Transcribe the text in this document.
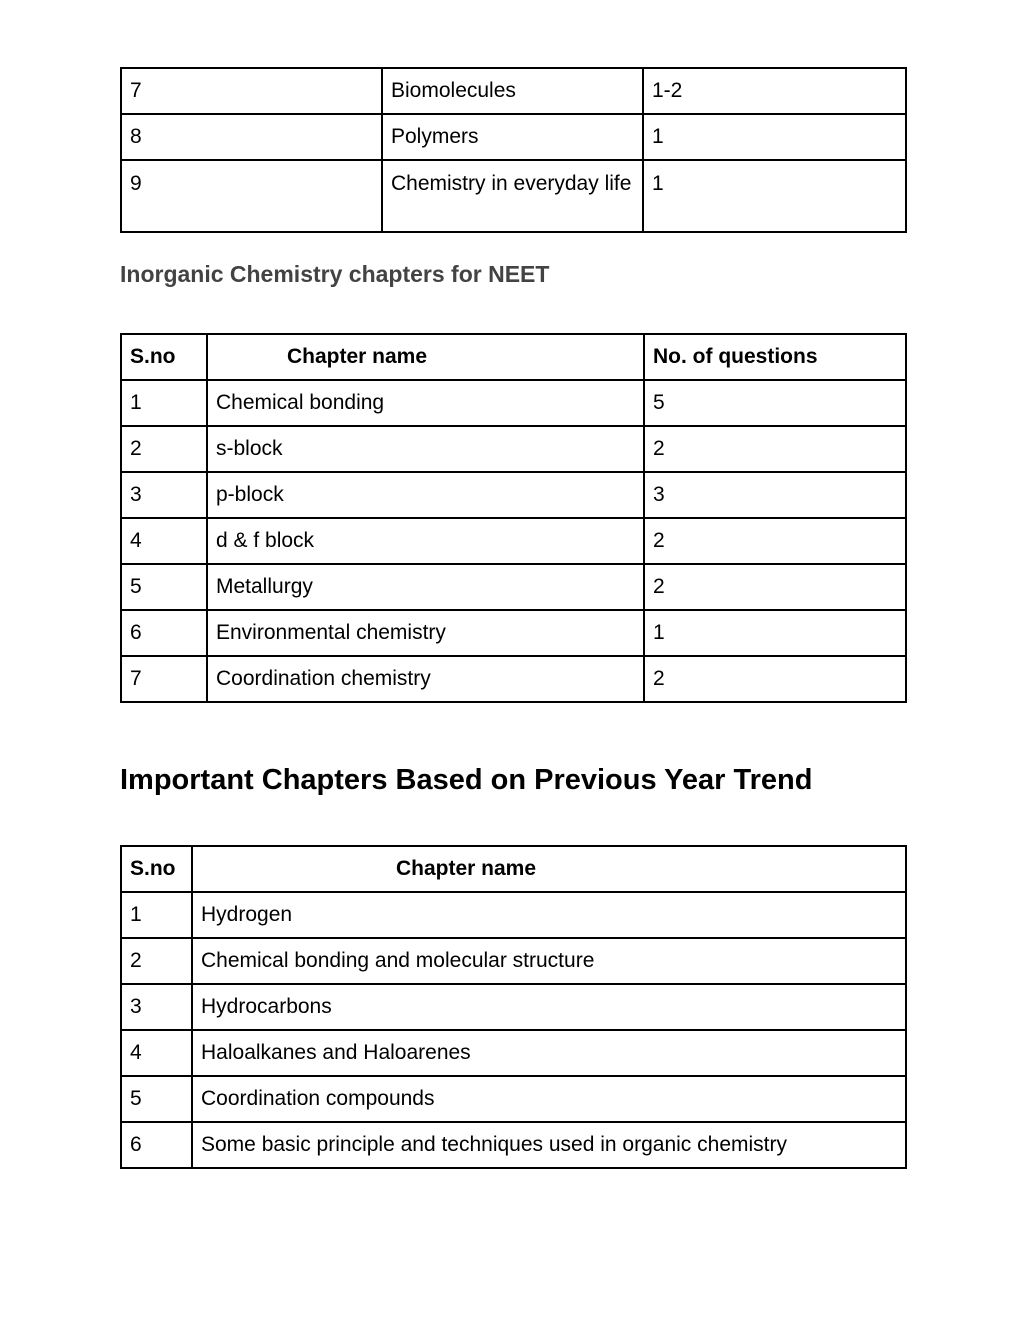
7	Biomolecules	1-2
8	Polymers	1
9	Chemistry in everyday life	1
Inorganic Chemistry chapters for NEET
S.no	Chapter name	No. of questions
1	Chemical bonding	5
2	s-block	2
3	p-block	3
4	d & f block	2
5	Metallurgy	2
6	Environmental chemistry	1
7	Coordination chemistry	2
Important Chapters Based on Previous Year Trend
S.no	Chapter name
1	Hydrogen
2	Chemical bonding and molecular structure
3	Hydrocarbons
4	Haloalkanes and Haloarenes
5	Coordination compounds
6	Some basic principle and techniques used in organic chemistry
